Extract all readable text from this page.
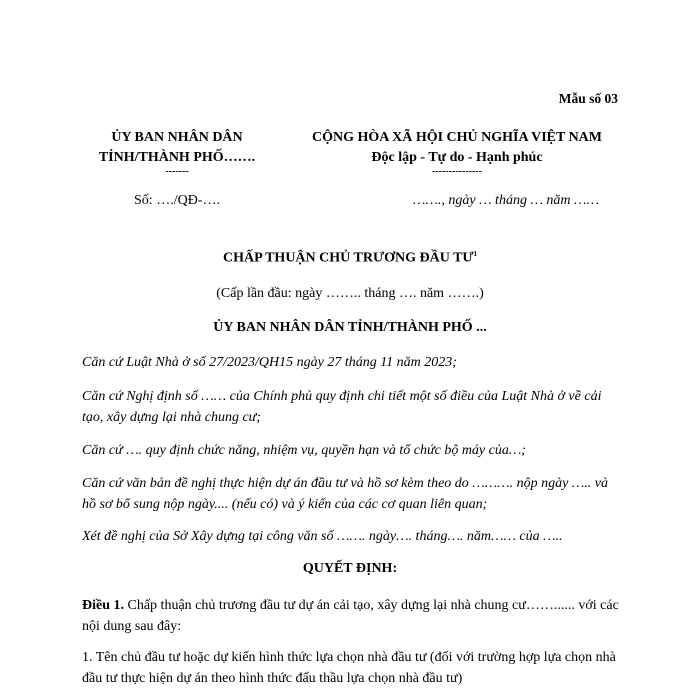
Mẫu số 03
ỦY BAN NHÂN DÂN
TỈNH/THÀNH PHỐ…….
-------
Số: …./QĐ-….
CỘNG HÒA XÃ HỘI CHỦ NGHĨA VIỆT NAM
Độc lập - Tự do - Hạnh phúc
---------------
……., ngày … tháng … năm ……
CHẤP THUẬN CHỦ TRƯƠNG ĐẦU $TƯ^1$
(Cấp lần đầu: ngày …….. tháng …. năm …….)
ỦY BAN NHÂN DÂN TỈNH/THÀNH PHỐ ...
Căn cứ Luật Nhà ở số 27/2023/QH15 ngày 27 tháng 11 năm 2023;
Căn cứ Nghị định số …… của Chính phủ quy định chi tiết một số điều của Luật Nhà ở về cải tạo, xây dựng lại nhà chung cư;
Căn cứ …. quy định chức năng, nhiệm vụ, quyền hạn và tổ chức bộ máy của…;
Căn cứ văn bản đề nghị thực hiện dự án đầu tư và hồ sơ kèm theo do ………. nộp ngày ….. và hồ sơ bổ sung nộp ngày.... (nếu có) và ý kiến của các cơ quan liên quan;
Xét đề nghị của Sở Xây dựng tại công văn số ……. ngày…. tháng…. năm…… của …..
QUYẾT ĐỊNH:
Điều 1. Chấp thuận chủ trương đầu tư dự án cải tạo, xây dựng lại nhà chung cư……...... với các nội dung sau đây:
1. Tên chủ đầu tư hoặc dự kiến hình thức lựa chọn nhà đầu tư (đối với trường hợp lựa chọn nhà đầu tư thực hiện dự án theo hình thức đấu thầu lựa chọn nhà đầu tư)
